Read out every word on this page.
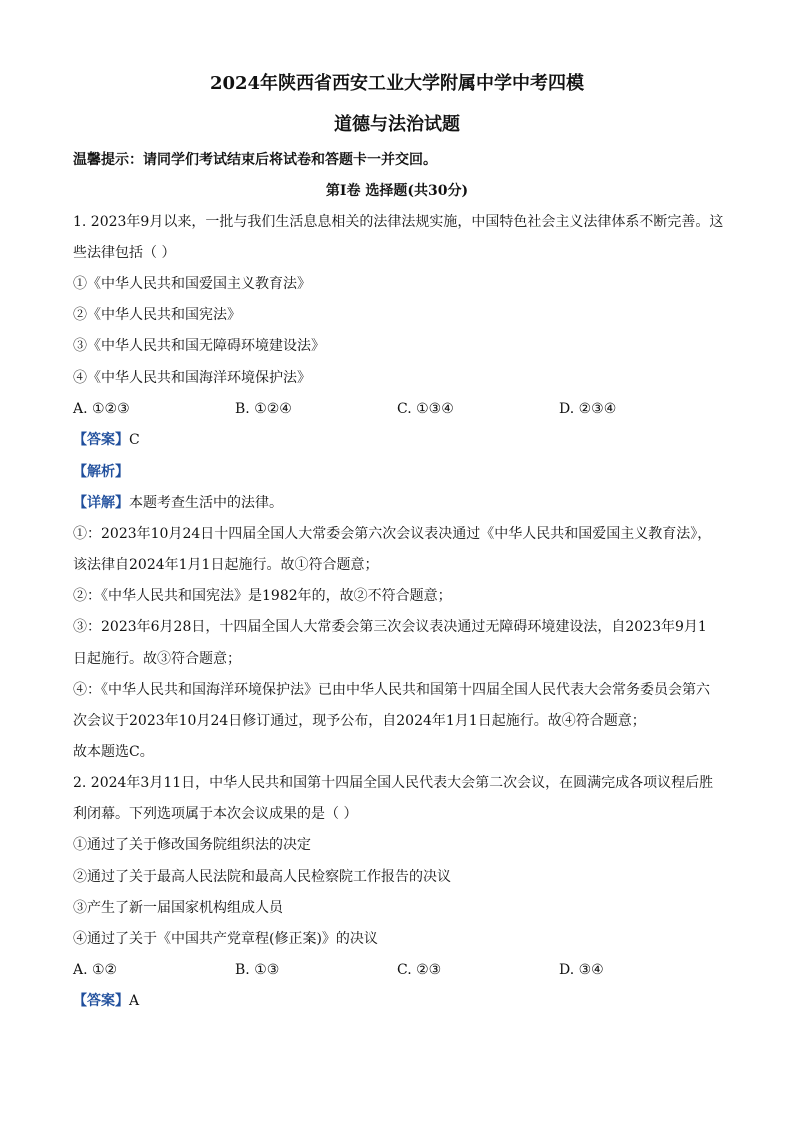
2024年陕西省西安工业大学附属中学中考四模
道德与法治试题
温馨提示：请同学们考试结束后将试卷和答题卡一并交回。
第Ⅰ卷 选择题(共30分)
1. 2023年9月以来，一批与我们生活息息相关的法律法规实施，中国特色社会主义法律体系不断完善。这
些法律包括（ ）
①《中华人民共和国爱国主义教育法》
②《中华人民共和国宪法》
③《中华人民共和国无障碍环境建设法》
④《中华人民共和国海洋环境保护法》
A. ①②③	B. ①②④	C. ①③④	D. ②③④
【答案】C
【解析】
【详解】本题考查生活中的法律。
①：2023年10月24日十四届全国人大常委会第六次会议表决通过《中华人民共和国爱国主义教育法》，
该法律自2024年1月1日起施行。故①符合题意；
②：《中华人民共和国宪法》是1982年的，故②不符合题意；
③：2023年6月28日，十四届全国人大常委会第三次会议表决通过无障碍环境建设法，自2023年9月1
日起施行。故③符合题意；
④：《中华人民共和国海洋环境保护法》已由中华人民共和国第十四届全国人民代表大会常务委员会第六
次会议于2023年10月24日修订通过，现予公布，自2024年1月1日起施行。故④符合题意；
故本题选C。
2. 2024年3月11日，中华人民共和国第十四届全国人民代表大会第二次会议，在圆满完成各项议程后胜
利闭幕。下列选项属于本次会议成果的是（ ）
①通过了关于修改国务院组织法的决定
②通过了关于最高人民法院和最高人民检察院工作报告的决议
③产生了新一届国家机构组成人员
④通过了关于《中国共产党章程(修正案)》的决议
A. ①②	B. ①③	C. ②③	D. ③④
【答案】A
